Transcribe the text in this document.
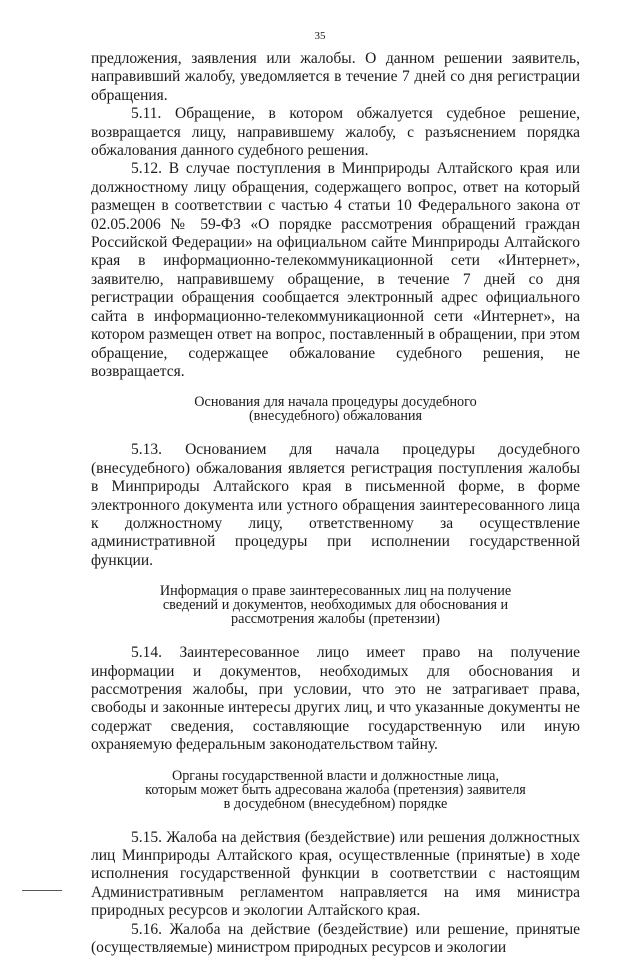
35

предложения, заявления или жалобы. О данном решении заявитель, направивший жалобу, уведомляется в течение 7 дней со дня регистрации обращения.

5.11. Обращение, в котором обжалуется судебное решение, возвращается лицу, направившему жалобу, с разъяснением порядка обжалования данного судебного решения.

5.12. В случае поступления в Минприроды Алтайского края или должностному лицу обращения, содержащего вопрос, ответ на который размещен в соответствии с частью 4 статьи 10 Федерального закона от 02.05.2006 № 59-ФЗ «О порядке рассмотрения обращений граждан Российской Федерации» на официальном сайте Минприроды Алтайского края в информационно-телекоммуникационной сети «Интернет», заявителю, направившему обращение, в течение 7 дней со дня регистрации обращения сообщается электронный адрес официального сайта в информационно-телекоммуникационной сети «Интернет», на котором размещен ответ на вопрос, поставленный в обращении, при этом обращение, содержащее обжалование судебного решения, не возвращается.

Основания для начала процедуры досудебного
(внесудебного) обжалования

5.13. Основанием для начала процедуры досудебного (внесудебного) обжалования является регистрация поступления жалобы в Минприроды Алтайского края в письменной форме, в форме электронного документа или устного обращения заинтересованного лица к должностному лицу, ответственному за осуществление административной процедуры при исполнении государственной функции.

Информация о праве заинтересованных лиц на получение
сведений и документов, необходимых для обоснования и
рассмотрения жалобы (претензии)

5.14. Заинтересованное лицо имеет право на получение информации и документов, необходимых для обоснования и рассмотрения жалобы, при условии, что это не затрагивает права, свободы и законные интересы других лиц, и что указанные документы не содержат сведения, составляющие государственную или иную охраняемую федеральным законодательством тайну.

Органы государственной власти и должностные лица,
которым может быть адресована жалоба (претензия) заявителя
в досудебном (внесудебном) порядке

5.15. Жалоба на действия (бездействие) или решения должностных лиц Минприроды Алтайского края, осуществленные (принятые) в ходе исполнения государственной функции в соответствии с настоящим Административным регламентом направляется на имя министра природных ресурсов и экологии Алтайского края.

5.16. Жалоба на действие (бездействие) или решение, принятые (осуществляемые) министром природных ресурсов и экологии
